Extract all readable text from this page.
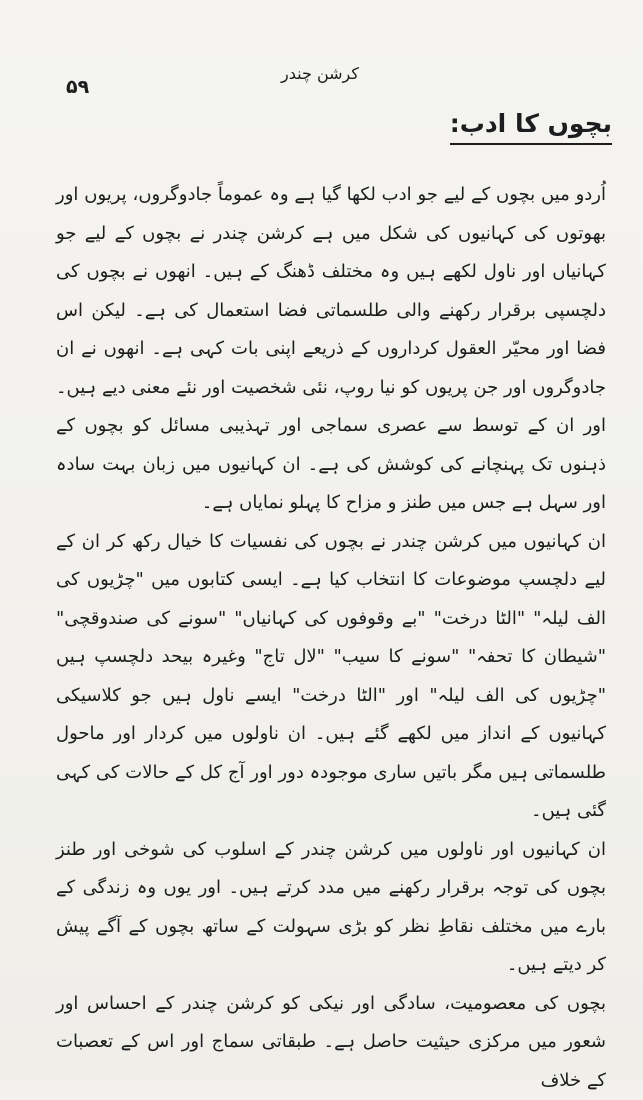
۵۹
کرشن چندر
بچوں کا ادب:

اُردو میں بچوں کے لیے جو ادب لکھا گیا ہے وہ عموماً جادوگروں، پریوں اور بھوتوں کی کہانیوں کی شکل میں ہے کرشن چندر نے بچوں کے لیے جو کہانیاں اور ناول لکھے ہیں وہ مختلف ڈھنگ کے ہیں۔ انھوں نے بچوں کی دلچسپی برقرار رکھنے والی طلسماتی فضا استعمال کی ہے۔ لیکن اس فضا اور محیّر العقول کرداروں کے ذریعے اپنی بات کہی ہے۔ انھوں نے ان جادوگروں اور جن پریوں کو نیا روپ، نئی شخصیت اور نئے معنی دیے ہیں۔ اور ان کے توسط سے عصری سماجی اور تہذیبی مسائل کو بچوں کے ذہنوں تک پہنچانے کی کوشش کی ہے۔ ان کہانیوں میں زبان بہت سادہ اور سہل ہے جس میں طنز و مزاح کا پہلو نمایاں ہے۔

ان کہانیوں میں کرشن چندر نے بچوں کی نفسیات کا خیال رکھ کر ان کے لیے دلچسپ موضوعات کا انتخاب کیا ہے۔ ایسی کتابوں میں "چڑیوں کی الف لیلہ" "الٹا درخت" "بے وقوفوں کی کہانیاں" "سونے کی صندوقچی" "شیطان کا تحفہ" "سونے کا سیب" "لال تاج" وغیرہ بیحد دلچسپ ہیں "چڑیوں کی الف لیلہ" اور "الٹا درخت" ایسے ناول ہیں جو کلاسیکی کہانیوں کے انداز میں لکھے گئے ہیں۔ ان ناولوں میں کردار اور ماحول طلسماتی ہیں مگر باتیں ساری موجودہ دور اور آج کل کے حالات کی کہی گئی ہیں۔

ان کہانیوں اور ناولوں میں کرشن چندر کے اسلوب کی شوخی اور طنز بچوں کی توجہ برقرار رکھنے میں مدد کرتے ہیں۔ اور یوں وہ زندگی کے بارے میں مختلف نقاطِ نظر کو بڑی سہولت کے ساتھ بچوں کے آگے پیش کر دیتے ہیں۔

بچوں کی معصومیت، سادگی اور نیکی کو کرشن چندر کے احساس اور شعور میں مرکزی حیثیت حاصل ہے۔ طبقاتی سماج اور اس کے تعصبات کے خلاف
